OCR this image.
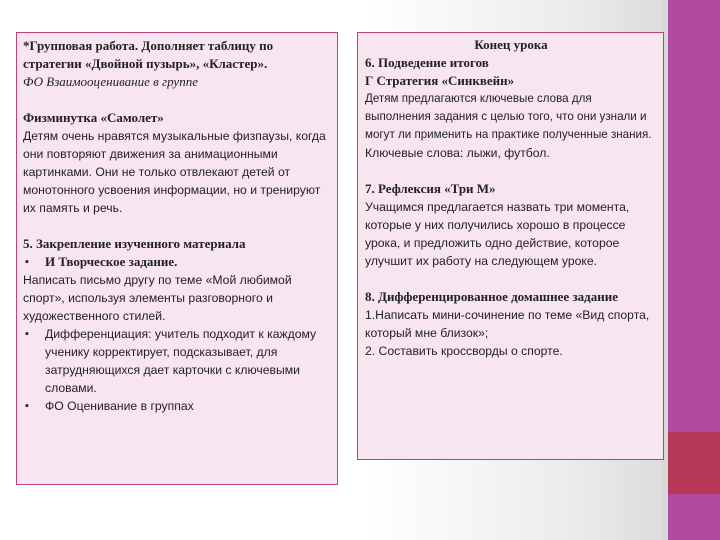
*Групповая работа. Дополняет таблицу по стратегии «Двойной пузырь», «Кластер».
ФО Взаимооценивание в группе
Физминутка «Самолет»
Детям очень нравятся музыкальные физпаузы, когда они повторяют движения за анимационными картинками. Они не только отвлекают детей от монотонного усвоения информации, но и тренируют их память и речь.
5. Закрепление изученного материала
▪ И Творческое задание.
Написать письмо другу по теме «Мой любимой спорт», используя элементы разговорного и художественного стилей.
▪ Дифференциация: учитель подходит к каждому ученику корректирует, подсказывает, для затрудняющихся дает карточки с ключевыми словами.
▪ ФО Оценивание в группах
Конец урока
6. Подведение итогов
Г Стратегия «Синквейн»
Детям предлагаются ключевые слова для выполнения задания с целью того, что они узнали и могут ли применить на практике полученные знания.
Ключевые слова: лыжи, футбол.
7. Рефлексия «Три М»
Учащимся предлагается назвать три момента, которые у них получились хорошо в процессе урока, и предложить одно действие, которое улучшит их работу на следующем уроке.
8. Дифференцированное домашнее задание
1.Написать мини-сочинение по теме «Вид спорта, который мне близок»;
2. Составить кроссворды о спорте.
